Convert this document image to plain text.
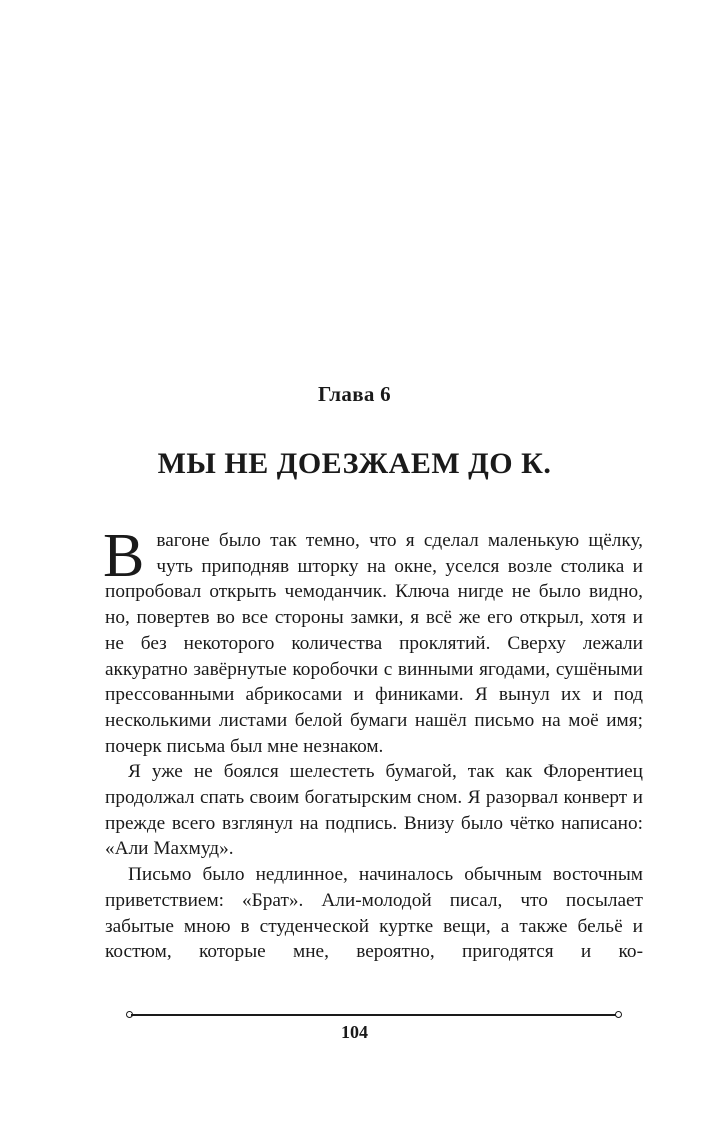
Глава 6
МЫ НЕ ДОЕЗЖАЕМ ДО К.

В вагоне было так темно, что я сделал маленькую щёлку, чуть приподняв шторку на окне, уселся возле столика и попробовал открыть чемоданчик. Ключа нигде не было видно, но, повертев во все стороны замки, я всё же его открыл, хотя и не без некоторого количества проклятий. Сверху лежали аккуратно завёрнутые коробочки с винными ягодами, сушёными прессованными абрикосами и финиками. Я вынул их и под несколькими листами белой бумаги нашёл письмо на моё имя; почерк письма был мне незнаком.

Я уже не боялся шелестеть бумагой, так как Флорентиец продолжал спать своим богатырским сном. Я разорвал конверт и прежде всего взглянул на подпись. Внизу было чётко написано: «Али Махмуд».

Письмо было недлинное, начиналось обычным восточным приветствием: «Брат». Али-молодой писал, что посылает забытые мною в студенческой куртке вещи, а также бельё и костюм, которые мне, вероятно, пригодятся и ко-

104
